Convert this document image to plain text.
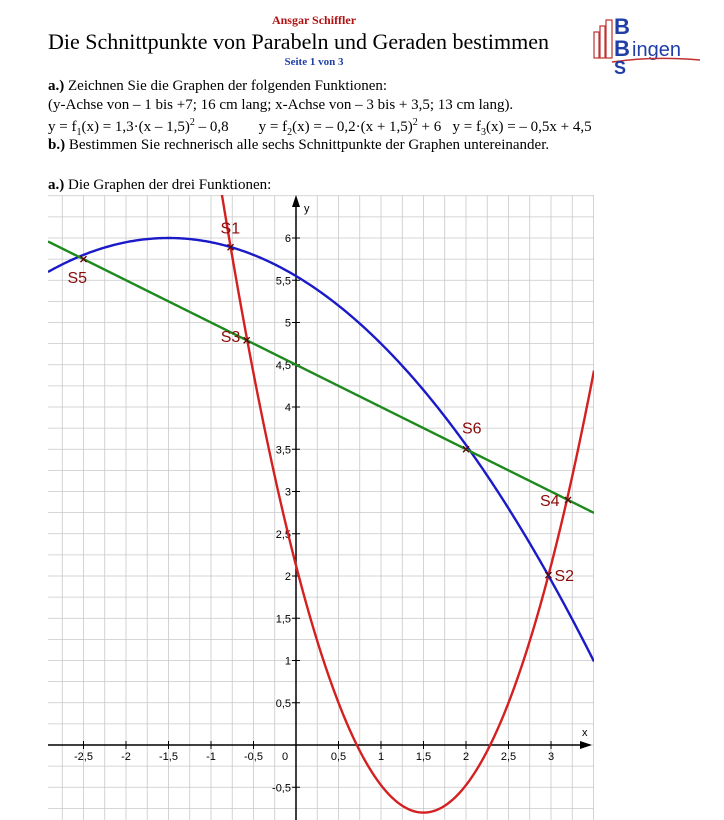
Ansgar Schiffler
Die Schnittpunkte von Parabeln und Geraden bestimmen
Seite 1 von 3
B
B ingen
S
a.) Zeichnen Sie die Graphen der folgenden Funktionen:
(y-Achse von – 1 bis +7; 16 cm lang; x-Achse von – 3 bis + 3,5; 13 cm lang).
$y = f_1(x) = 1,3\cdot(x - 1,5)^2 - 0,8$ $y = f_2(x)$ = – $0,2\cdot(x + 1,5)^2 + 6$ $y = f_3(x)$ = – 0,5x + 4,5
b.) Bestimmen Sie rechnerisch alle sechs Schnittpunkte der Graphen untereinander.
a.) Die Graphen der drei Funktionen:
x
y
-2,5	-2	-1,5	-1	-0,5 0	0,5	1	1,5	2	2,5	3
-0,5
0,5
1
1,5
2
2,5
3
3,5
4
4,5
5
5,5
6
S1
S2
S3
S4
S5
S6
